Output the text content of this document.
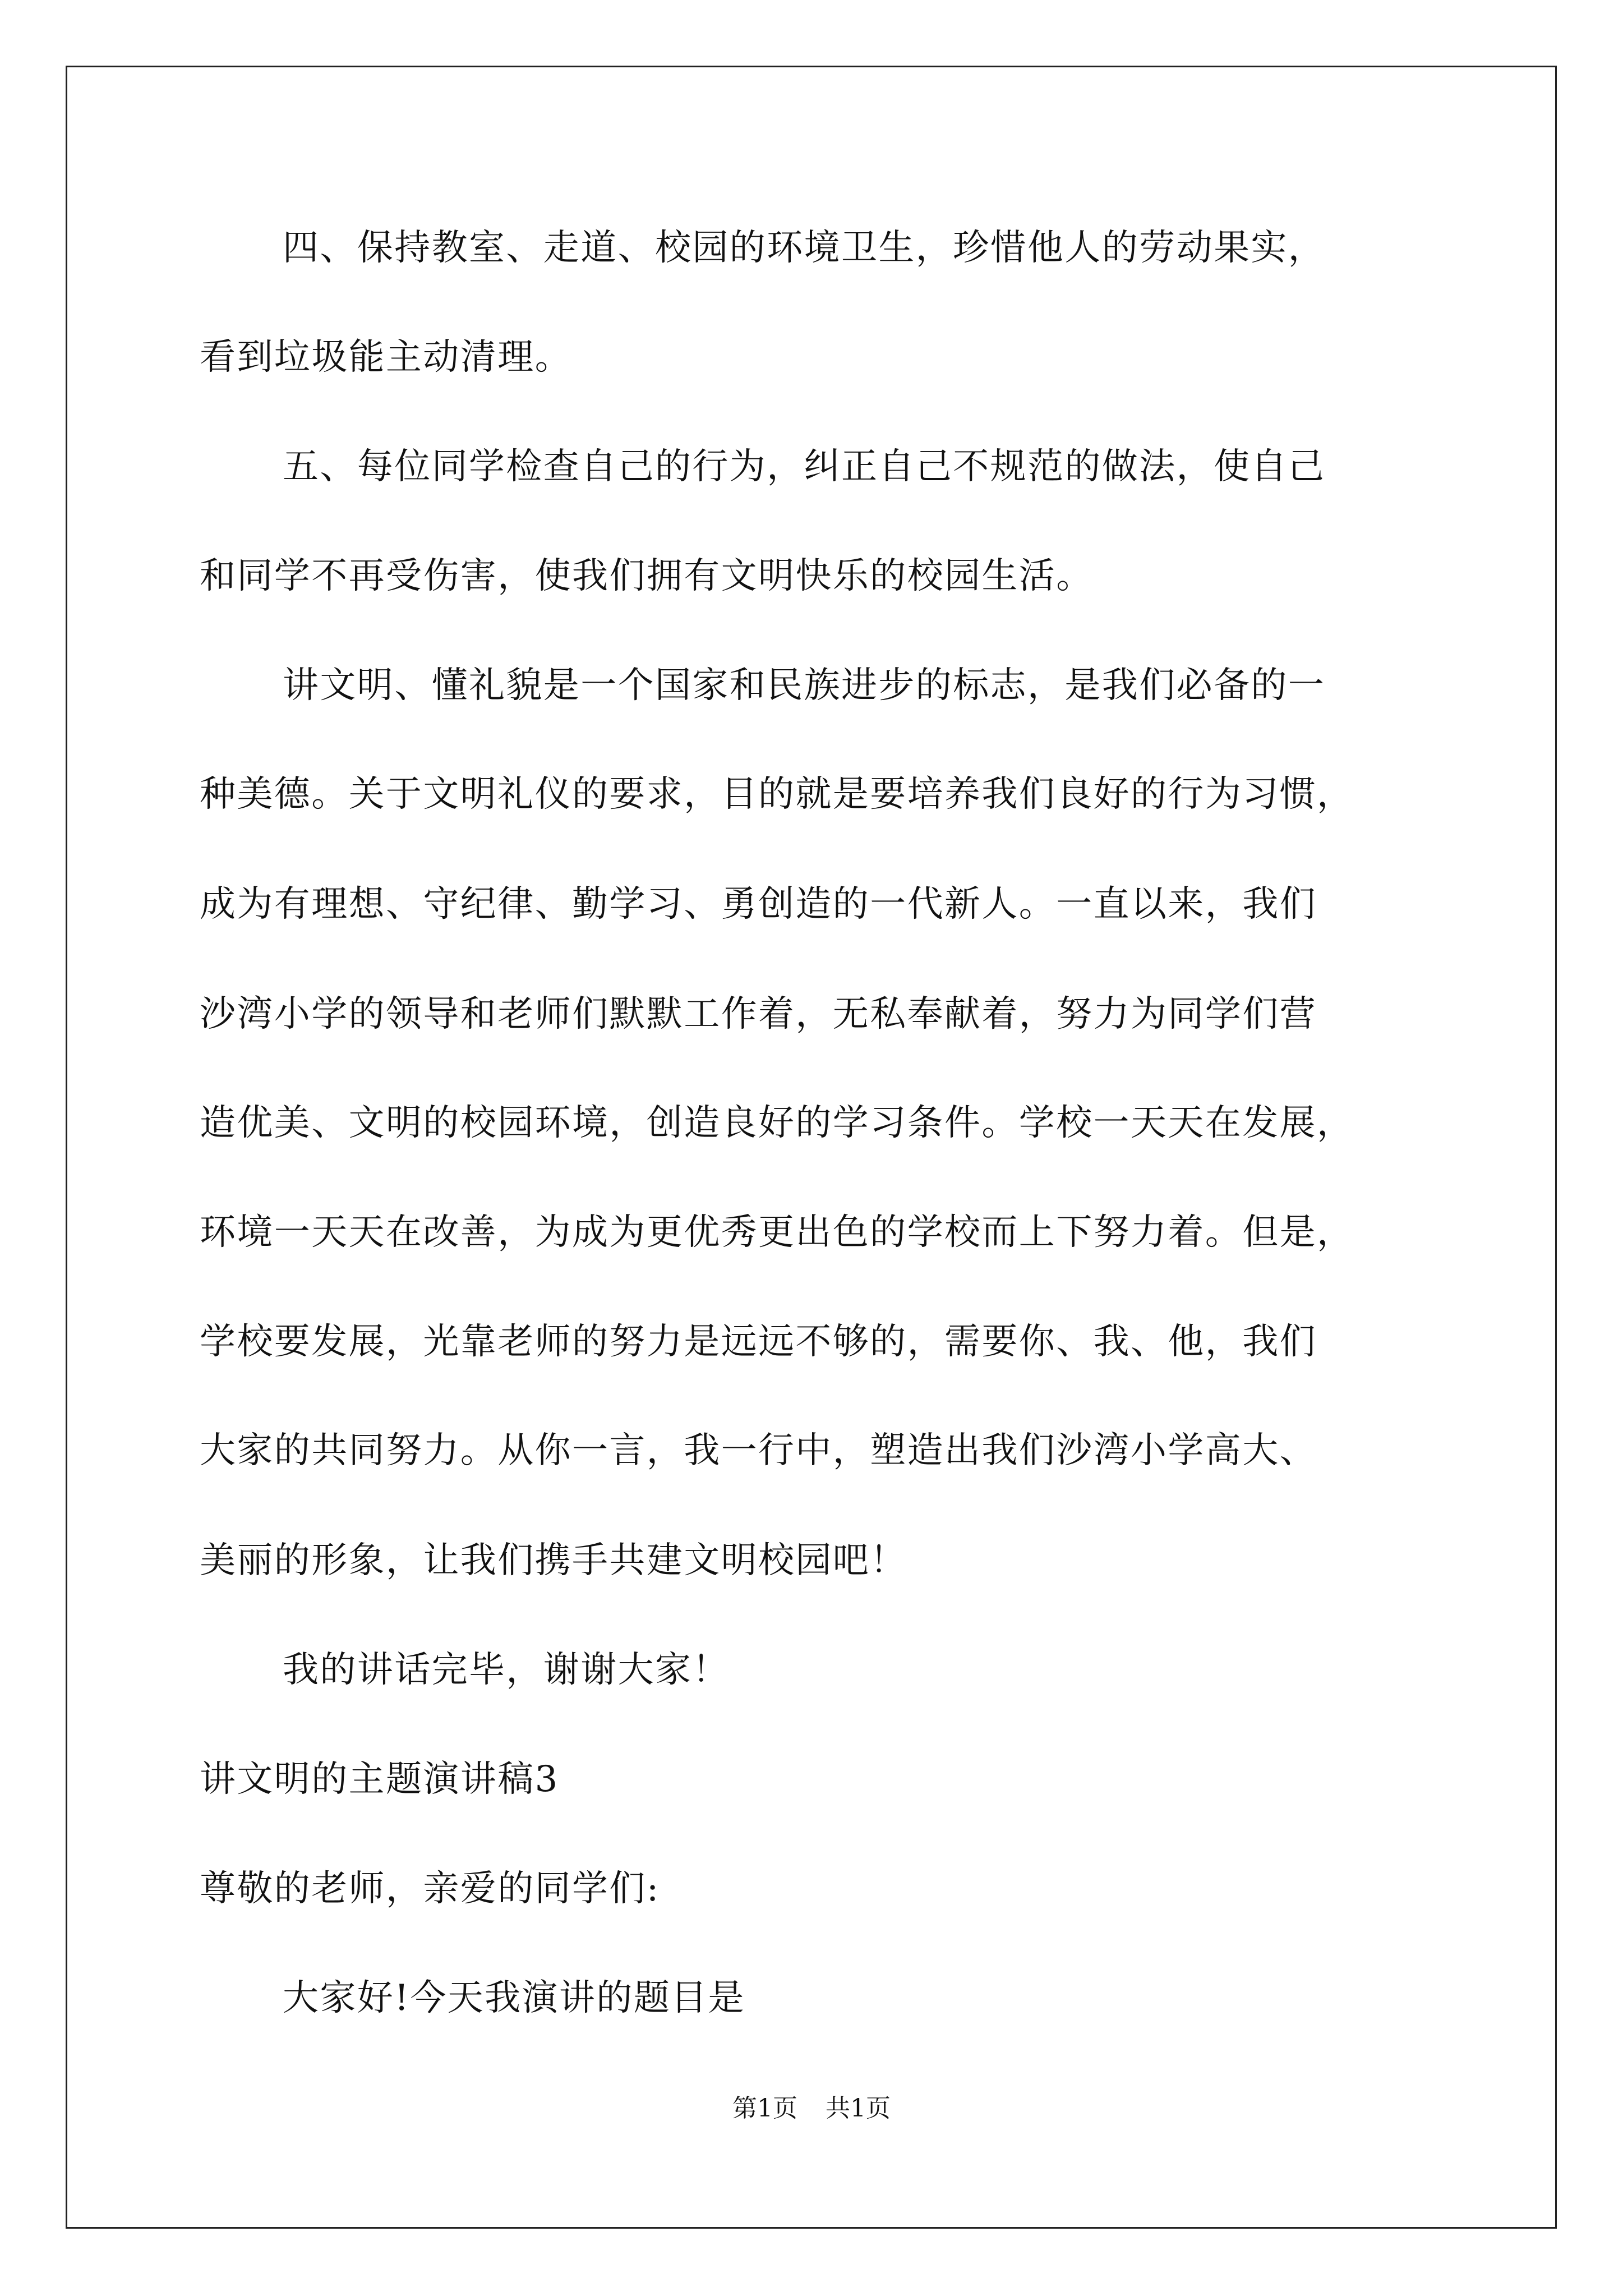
四、保持教室、走道、校园的环境卫生，珍惜他人的劳动果实，
看到垃圾能主动清理。
五、每位同学检查自己的行为，纠正自己不规范的做法，使自己
和同学不再受伤害，使我们拥有文明快乐的校园生活。
讲文明、懂礼貌是一个国家和民族进步的标志，是我们必备的一
种美德。关于文明礼仪的要求，目的就是要培养我们良好的行为习惯，
成为有理想、守纪律、勤学习、勇创造的一代新人。一直以来，我们
沙湾小学的领导和老师们默默工作着，无私奉献着，努力为同学们营
造优美、文明的校园环境，创造良好的学习条件。学校一天天在发展，
环境一天天在改善，为成为更优秀更出色的学校而上下努力着。但是，
学校要发展，光靠老师的努力是远远不够的，需要你、我、他，我们
大家的共同努力。从你一言，我一行中，塑造出我们沙湾小学高大、
美丽的形象，让我们携手共建文明校园吧！
我的讲话完毕，谢谢大家！
讲文明的主题演讲稿3
尊敬的老师，亲爱的同学们:
大家好!今天我演讲的题目是
第1页 共1页
